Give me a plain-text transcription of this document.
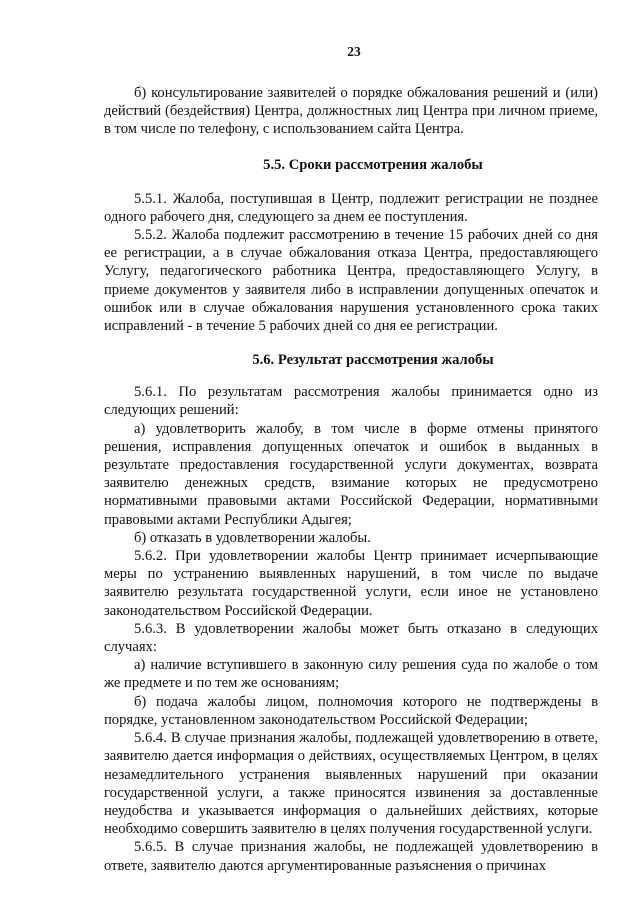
23

б) консультирование заявителей о порядке обжалования решений и (или) действий (бездействия) Центра, должностных лиц Центра при личном приеме, в том числе по телефону, с использованием сайта Центра.

5.5. Сроки рассмотрения жалобы

5.5.1. Жалоба, поступившая в Центр, подлежит регистрации не позднее одного рабочего дня, следующего за днем ее поступления.

5.5.2. Жалоба подлежит рассмотрению в течение 15 рабочих дней со дня ее регистрации, а в случае обжалования отказа Центра, предоставляющего Услугу, педагогического работника Центра, предоставляющего Услугу, в приеме документов у заявителя либо в исправлении допущенных опечаток и ошибок или в случае обжалования нарушения установленного срока таких исправлений - в течение 5 рабочих дней со дня ее регистрации.

5.6. Результат рассмотрения жалобы

5.6.1. По результатам рассмотрения жалобы принимается одно из следующих решений:

а) удовлетворить жалобу, в том числе в форме отмены принятого решения, исправления допущенных опечаток и ошибок в выданных в результате предоставления государственной услуги документах, возврата заявителю денежных средств, взимание которых не предусмотрено нормативными правовыми актами Российской Федерации, нормативными правовыми актами Республики Адыгея;

б) отказать в удовлетворении жалобы.

5.6.2. При удовлетворении жалобы Центр принимает исчерпывающие меры по устранению выявленных нарушений, в том числе по выдаче заявителю результата государственной услуги, если иное не установлено законодательством Российской Федерации.

5.6.3. В удовлетворении жалобы может быть отказано в следующих случаях:

а) наличие вступившего в законную силу решения суда по жалобе о том же предмете и по тем же основаниям;

б) подача жалобы лицом, полномочия которого не подтверждены в порядке, установленном законодательством Российской Федерации;

5.6.4. В случае признания жалобы, подлежащей удовлетворению в ответе, заявителю дается информация о действиях, осуществляемых Центром, в целях незамедлительного устранения выявленных нарушений при оказании государственной услуги, а также приносятся извинения за доставленные неудобства и указывается информация о дальнейших действиях, которые необходимо совершить заявителю в целях получения государственной услуги.

5.6.5. В случае признания жалобы, не подлежащей удовлетворению в ответе, заявителю даются аргументированные разъяснения о причинах
